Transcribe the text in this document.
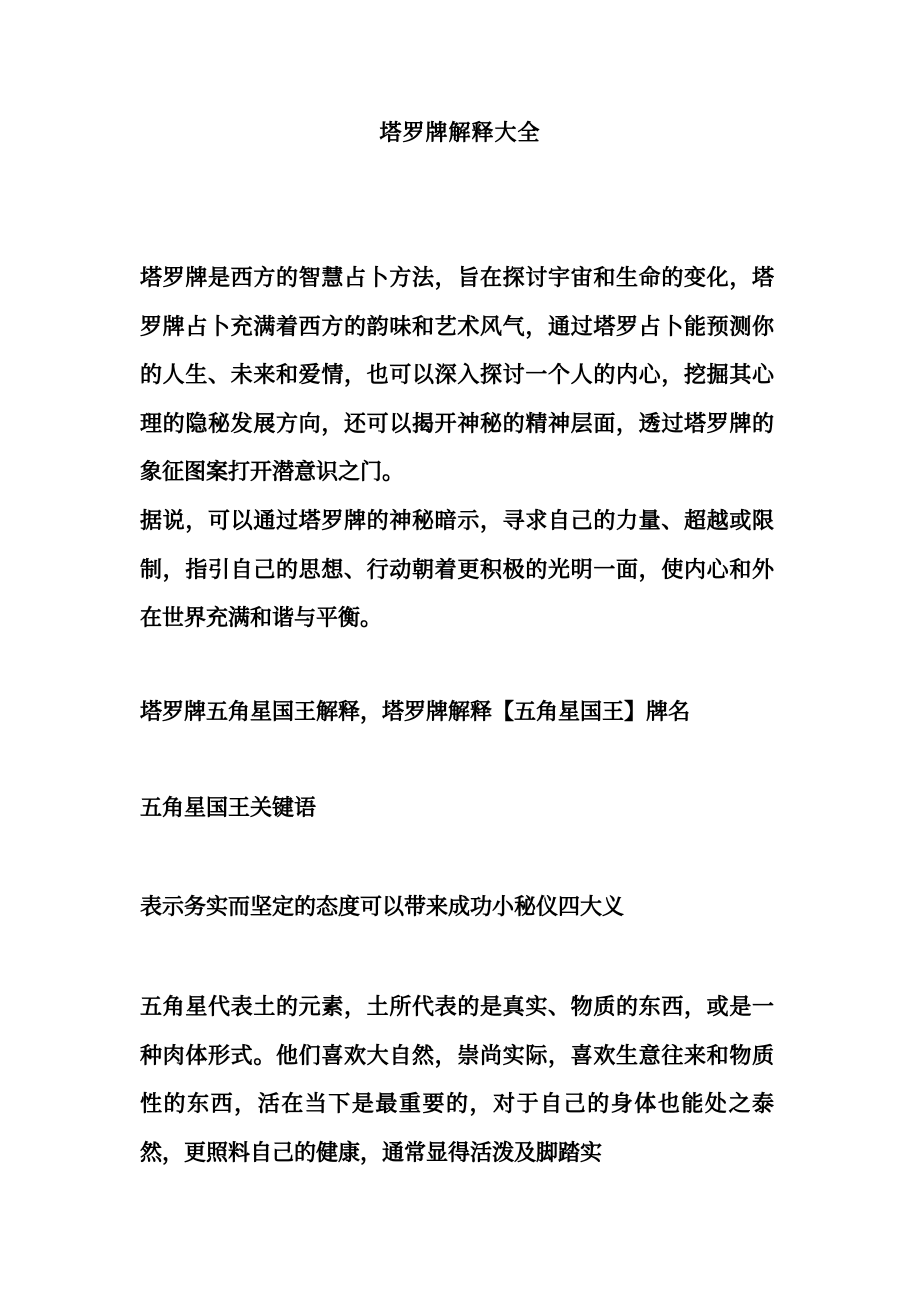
塔罗牌解释大全
塔罗牌是西方的智慧占卜方法，旨在探讨宇宙和生命的变化，塔罗牌占卜充满着西方的韵味和艺术风气，通过塔罗占卜能预测你的人生、未来和爱情，也可以深入探讨一个人的内心，挖掘其心理的隐秘发展方向，还可以揭开神秘的精神层面，透过塔罗牌的象征图案打开潜意识之门。
据说，可以通过塔罗牌的神秘暗示，寻求自己的力量、超越或限制，指引自己的思想、行动朝着更积极的光明一面，使内心和外在世界充满和谐与平衡。
塔罗牌五角星国王解释，塔罗牌解释【五角星国王】牌名
五角星国王关键语
表示务实而坚定的态度可以带来成功小秘仪四大义
五角星代表土的元素，土所代表的是真实、物质的东西，或是一种肉体形式。他们喜欢大自然，崇尚实际，喜欢生意往来和物质性的东西，活在当下是最重要的，对于自己的身体也能处之泰然，更照料自己的健康，通常显得活泼及脚踏实
